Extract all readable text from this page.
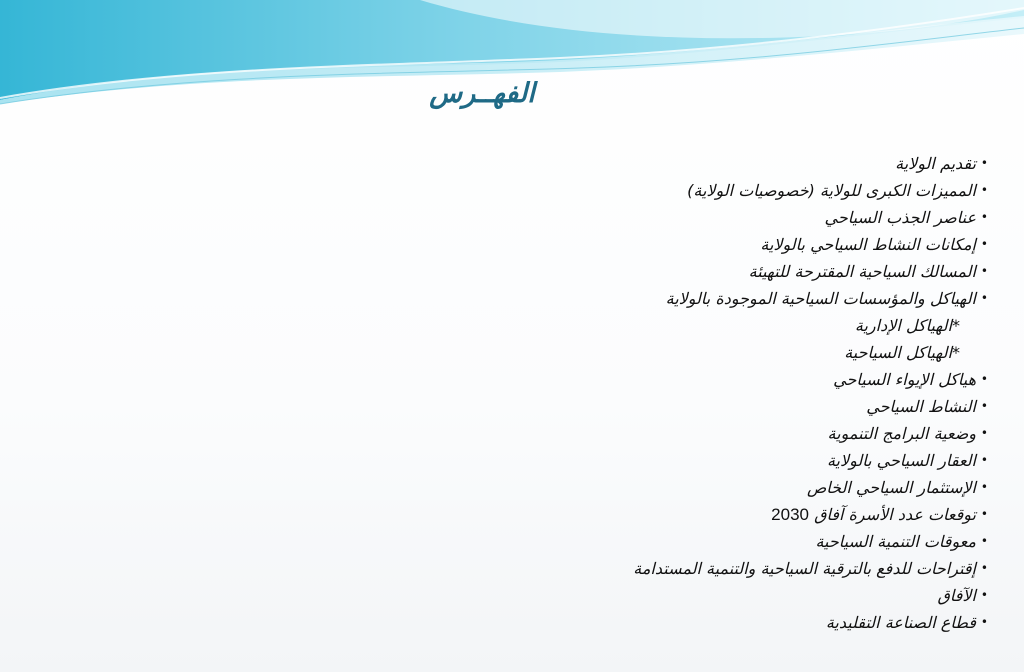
الفهــرس
•
تقديم الولاية
•
المميزات الكبرى للولاية (خصوصيات الولاية)
•
عناصر الجذب السياحي
•
إمكانات النشاط السياحي بالولاية
•
المسالك السياحية المقترحة للتهيئة
•
الهياكل والمؤسسات السياحية الموجودة بالولاية
*الهياكل الإدارية
*الهياكل السياحية
•
هياكل الإيواء السياحي
•
النشاط السياحي
•
وضعية البرامج التنموية
•
العقار السياحي بالولاية
•
الإستثمار السياحي الخاص
•
توقعات عدد الأسرة آفاق 2030
•
معوقات التنمية السياحية
•
إقتراحات للدفع بالترقية السياحية والتنمية المستدامة
•
الآفاق
•
قطاع الصناعة التقليدية
